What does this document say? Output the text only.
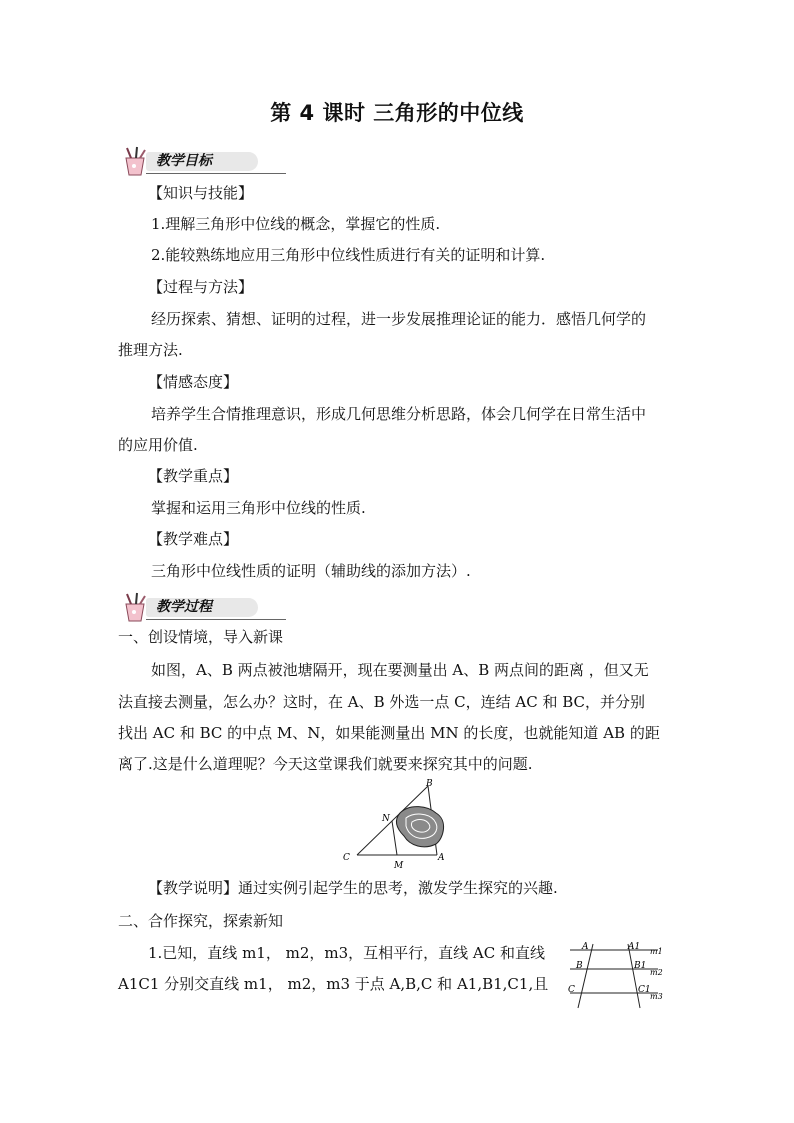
第 4 课时 三角形的中位线
教学目标
【知识与技能】
1.理解三角形中位线的概念，掌握它的性质.
2.能较熟练地应用三角形中位线性质进行有关的证明和计算.
【过程与方法】
经历探索、猜想、证明的过程，进一步发展推理论证的能力．感悟几何学的
推理方法.
【情感态度】
培养学生合情推理意识，形成几何思维分析思路，体会几何学在日常生活中
的应用价值.
【教学重点】
掌握和运用三角形中位线的性质.
【教学难点】
三角形中位线性质的证明（辅助线的添加方法）.
教学过程
一、创设情境，导入新课
如图，A、B 两点被池塘隔开，现在要测量出 A、B 两点间的距离 ，但又无
法直接去测量，怎么办？这时，在 A、B 外选一点 C，连结 AC 和 BC，并分别
找出 AC 和 BC 的中点 M、N，如果能测量出 MN 的长度，也就能知道 AB 的距
离了.这是什么道理呢？今天这堂课我们就要来探究其中的问题.
B
N
C
M
A
【教学说明】通过实例引起学生的思考，激发学生探究的兴趣.
二、合作探究，探索新知
1.已知，直线 m1， m2，m3，互相平行，直线 AC 和直线
A1C1 分别交直线 m1， m2，m3 于点 A,B,C 和 A1,B1,C1,且
A	A1 m1
B	B1
m2
C	C1
m3
